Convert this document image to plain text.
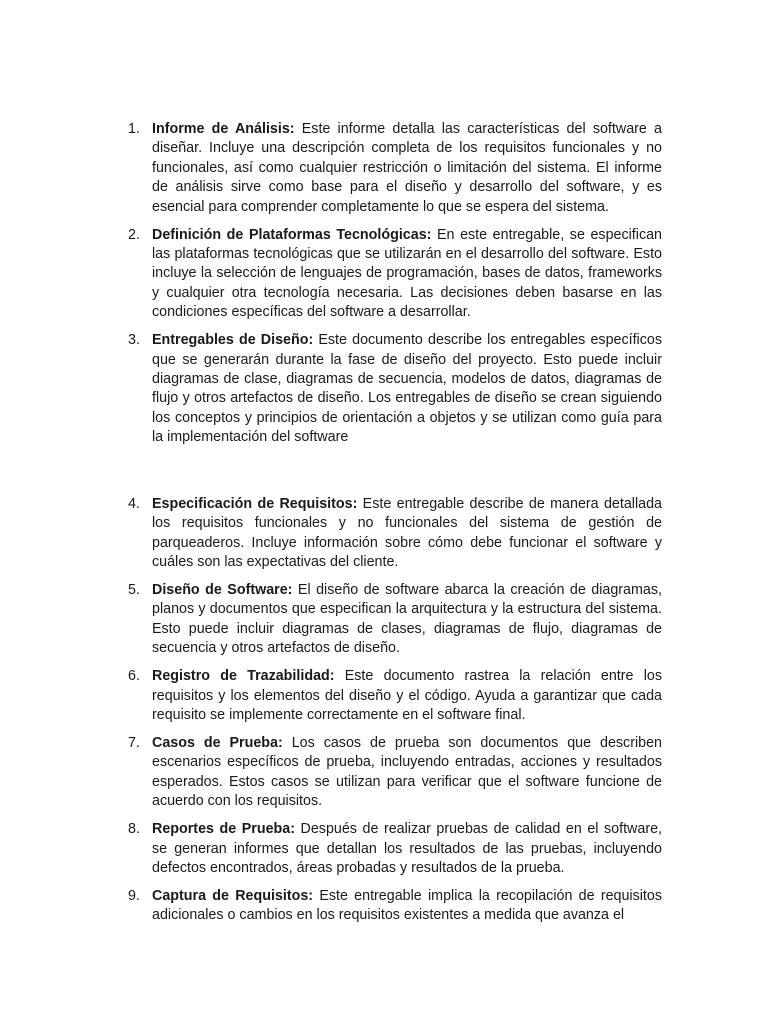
1. Informe de Análisis: Este informe detalla las características del software a diseñar. Incluye una descripción completa de los requisitos funcionales y no funcionales, así como cualquier restricción o limitación del sistema. El informe de análisis sirve como base para el diseño y desarrollo del software, y es esencial para comprender completamente lo que se espera del sistema.
2. Definición de Plataformas Tecnológicas: En este entregable, se especifican las plataformas tecnológicas que se utilizarán en el desarrollo del software. Esto incluye la selección de lenguajes de programación, bases de datos, frameworks y cualquier otra tecnología necesaria. Las decisiones deben basarse en las condiciones específicas del software a desarrollar.
3. Entregables de Diseño: Este documento describe los entregables específicos que se generarán durante la fase de diseño del proyecto. Esto puede incluir diagramas de clase, diagramas de secuencia, modelos de datos, diagramas de flujo y otros artefactos de diseño. Los entregables de diseño se crean siguiendo los conceptos y principios de orientación a objetos y se utilizan como guía para la implementación del software
4. Especificación de Requisitos: Este entregable describe de manera detallada los requisitos funcionales y no funcionales del sistema de gestión de parqueaderos. Incluye información sobre cómo debe funcionar el software y cuáles son las expectativas del cliente.
5. Diseño de Software: El diseño de software abarca la creación de diagramas, planos y documentos que especifican la arquitectura y la estructura del sistema. Esto puede incluir diagramas de clases, diagramas de flujo, diagramas de secuencia y otros artefactos de diseño.
6. Registro de Trazabilidad: Este documento rastrea la relación entre los requisitos y los elementos del diseño y el código. Ayuda a garantizar que cada requisito se implemente correctamente en el software final.
7. Casos de Prueba: Los casos de prueba son documentos que describen escenarios específicos de prueba, incluyendo entradas, acciones y resultados esperados. Estos casos se utilizan para verificar que el software funcione de acuerdo con los requisitos.
8. Reportes de Prueba: Después de realizar pruebas de calidad en el software, se generan informes que detallan los resultados de las pruebas, incluyendo defectos encontrados, áreas probadas y resultados de la prueba.
9. Captura de Requisitos: Este entregable implica la recopilación de requisitos adicionales o cambios en los requisitos existentes a medida que avanza el
